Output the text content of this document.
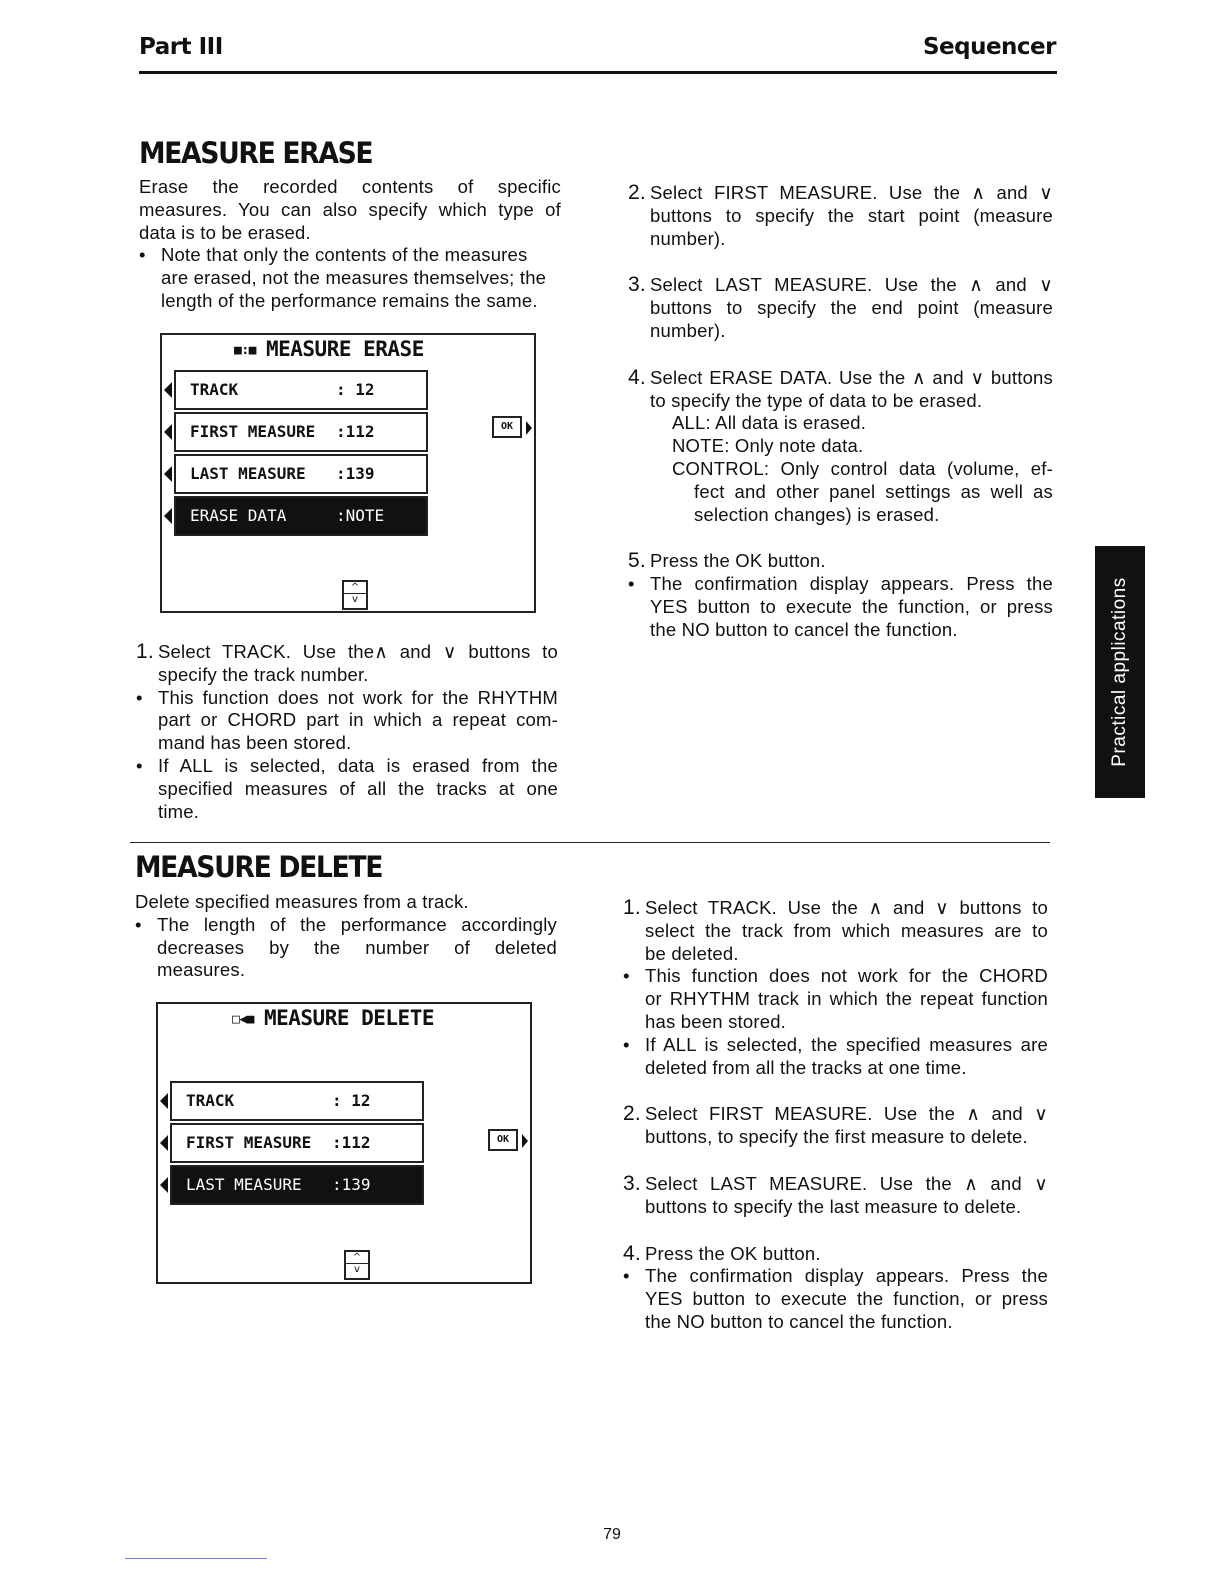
Part III	Sequencer
MEASURE ERASE

Erase the recorded contents of specific

measures. You can also specify which type of

data is to be erased.

• Note that only the contents of the measures

are erased, not the measures themselves; the

length of the performance remains the same.

■:■ MEASURE ERASE
TRACK	: 12
FIRST MEASURE :112
LAST MEASURE :139
ERASE DATA	:NOTE
OK
^
v
1. Select TRACK. Use the∧ and ∨ buttons to

specify the track number.

• This function does not work for the RHYTHM

part or CHORD part in which a repeat com-

mand has been stored.

• If ALL is selected, data is erased from the

specified measures of all the tracks at one

time.

2. Select FIRST MEASURE. Use the ∧ and ∨

buttons to specify the start point (measure

number).

3. Select LAST MEASURE. Use the ∧ and ∨

buttons to specify the end point (measure

number).

4. Select ERASE DATA. Use the ∧ and ∨ buttons

to specify the type of data to be erased.

ALL: All data is erased.

NOTE: Only note data.

CONTROL: Only control data (volume, ef-

fect and other panel settings as well as

selection changes) is erased.

5. Press the OK button.

• The confirmation display appears. Press the

YES button to execute the function, or press

the NO button to cancel the function.	Practical applications
MEASURE DELETE

Delete specified measures from a track.

• The length of the performance accordingly

decreases by the number of deleted

measures.

□◀■ MEASURE DELETE
TRACK	: 12
FIRST MEASURE :112
LAST MEASURE :139
OK
^
v
1. Select TRACK. Use the ∧ and ∨ buttons to

select the track from which measures are to

be deleted.

• This function does not work for the CHORD

or RHYTHM track in which the repeat function

has been stored.

• If ALL is selected, the specified measures are

deleted from all the tracks at one time.

2. Select FIRST MEASURE. Use the ∧ and ∨

buttons, to specify the first measure to delete.

3. Select LAST MEASURE. Use the ∧ and ∨

buttons to specify the last measure to delete.

4. Press the OK button.

• The confirmation display appears. Press the

YES button to execute the function, or press

the NO button to cancel the function.

79
